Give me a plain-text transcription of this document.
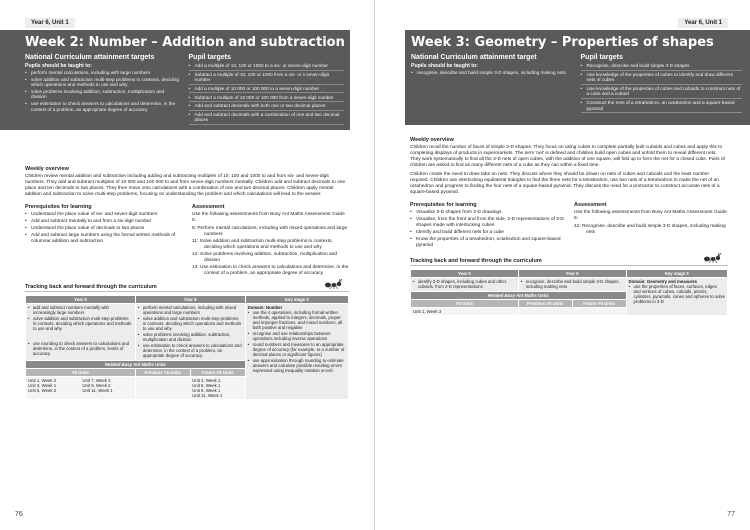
Year 6, Unit 1
Week 2: Number – Addition and subtraction
National Curriculum attainment targets
Pupils should be taught to:
• perform mental calculations, including with large numbers
• solve addition and subtraction multi-step problems in contexts, deciding which operations and methods to use and why
• solve problems involving addition, subtraction, multiplication and division
• use estimation to check answers to calculations and determine, in the context of a problem, an appropriate degree of accuracy
Pupil targets
• Add a multiple of 10, 100 or 1000 to a six- or seven-digit number
• Subtract a multiple of 10, 100 or 1000 from a six- or s seven-digit number
• Add a multiple of 10 000 or 100 000 to a seven-digit number
• Subtract a multiple of 10 000 or 100 000 from a seven-digit number
• Add and subtract decimals with both one or two decimal places
• Add and subtract decimals with a combination of one and two decimal places
Weekly overview
Children review mental addition and subtraction including adding and subtracting multiples of 10, 100 and 1000 to and from six- and seven-digit numbers. They add and subtract multiples of 10 000 and 100 000 to and from seven-digit numbers mentally. Children add and subtract decimals to one place and ten decimals to two places. They then move onto calculations with a combination of one and two decimal places. Children apply mental addition and subtraction to solve multi-step problems, focusing on understanding the problem and which calculations will lead to the answer.
Prerequisites for learning
• Understand the place value of six- and seven-digit numbers
• Add and subtract mentally to and from a six-digit number
• Understand the place value of decimals to two places
• Add and subtract large numbers using the formal written methods of columnar addition and subtraction
Assessment
Use the following assessments from Busy Ant Maths Assessment Guide 6:
8: Perform mental calculations, including with mixed operations and large numbers
11: Solve addition and subtraction multi-step problems in contexts, deciding which operations and methods to use and why
12: Solve problems involving addition, subtraction, multiplication and division
13: Use estimation to check answers to calculations and determine, in the context of a problem, an appropriate degree of accuracy
Tracking back and forward through the curriculum
Year 5	Year 6	Key stage 3

• add and subtract numbers mentally with increasingly large numbers
• solve addition and subtraction multi-step problems in contexts, deciding which operations and methods to use and why
• use rounding to check answers to calculations and determine, in the context of a problem, levels of accuracy

• perform mental calculations, including with mixed operations and large numbers
• solve addition and subtraction multi-step problems in contexts, deciding which operations and methods to use and why
• solve problems involving addition, subtraction, multiplication and division
• use estimation to check answers to calculations and determine, in the context of a problem, an appropriate degree of accuracy

Domain: Number
• use the 4 operations, including formal written methods, applied to integers, decimals, proper and improper fractions, and mixed numbers, all both positive and negative
• recognise and use relationships between operations including inverse operations
• round numbers and measures to an appropriate degree of accuracy (for example, to a number of decimal places or significant figures)
• use approximation through rounding to estimate answers and calculate possible resulting errors expressed using inequality notation a<x≤b

Related Busy Ant Maths Units
Y5 Units		Previous Y6 Units	Future Y6 Units

Unit 1, Week 2
Unit 3, Week 1
Unit 5, Week 2

Unit 7, Week 2
Unit 9, Week 2
Unit 11, Week 1

Unit 3, Week 1
Unit 5, Week 1
Unit 9, Week 1
Unit 11, Week 1
76
Year 6, Unit 1
Week 3: Geometry – Properties of shapes
National Curriculum attainment target
Pupils should be taught to:
• recognise, describe and build simple 3-D shapes, including making nets
Pupil targets
• Recognise, describe and build simple 3-D shapes
• Use knowledge of the properties of cubes to identify and draw different nets of cubes
• Use knowledge of the properties of cubes and cuboids to construct nets of a cube and a cuboid
• Construct the nets of a tetrahedron, an octahedron and a square-based pyramid
Weekly overview
Children recall the number of faces of simple 3-D shapes. They focus on using cubes to complete partially built cuboids and cubes and apply this to completing displays of products in supermarkets. The term 'net' is defined and children build open cubes and unfold them to reveal different nets. They work systematically to find all the 3-D nets of open cubes, with the addition of one square, will fold up to form the net for a closed cube. Pairs of children are asked to find as many different nets of a cube as they can within a fixed time.
Children create the need to draw tabs on nets. They discuss where they should be drawn on nets of cubes and cuboids and the least number required. Children use interlocking equilateral triangles to find the three nets for a tetrahedron, use two nets of a tetrahedron to make the net of an octahedron and progress to finding the four nets of a square-based pyramid. They discuss the need for a protractor to construct accurate nets of a square-based pyramid.
Prerequisites for learning
• Visualise 3-D shapes from 2-D drawings
• Visualise, from the front and from the side, 2-D representations of 3-D shapes made with interlocking cubes
• Identify and build different nets for a cube
• Know the properties of a tetrahedron, octahedron and square-based pyramid
Assessment
Use the following assessments from Busy Ant Maths Assessment Guide 6:
42: Recognise, describe and build simple 3-D shapes, including making nets
Tracking back and forward through the curriculum
Year 5	Year 6	Key stage 3

• identify 3-D shapes, including cubes and other cuboids, from 2-D representations

• recognise, describe and build simple 3-D shapes, including making nets

Domain: Geometry and measures
• use the properties of faces, surfaces, edges and vertices of cubes, cuboids, prisms, cylinders, pyramids, cones and spheres to solve problems in 3-D

Related Busy Ant Maths Units
Y5 Units		Previous Y6 Units	Future Y6 Units

Unit 1, Week 3

77
